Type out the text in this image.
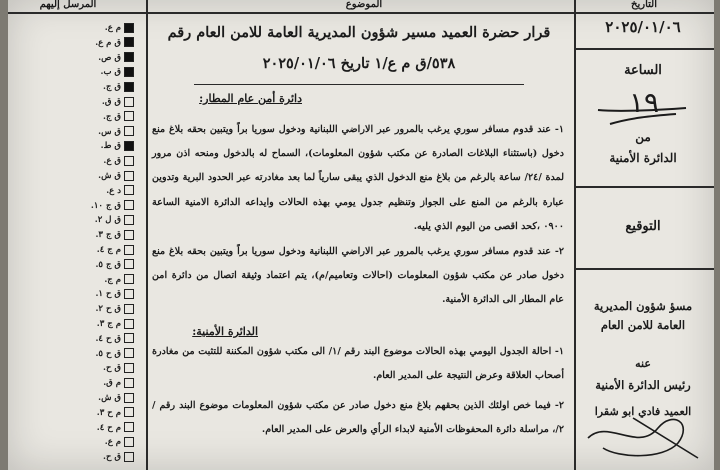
التاريخ
الموضوع
المرسل إليهم
٢٠٢٥/٠١/٠٦
الساعة
١٩
من
الدائرة الأمنية
التوقيع
مسؤ شؤون المديرية العامة للامن العام
عنه
رئيس الدائرة الأمنية
العميد فادي ابو شقرا
قرار حضرة العميد مسير شؤون المديرية العامة للامن العام رقم
٥٣٨/ق م ع/١ تاريخ ٢٠٢٥/٠١/٠٦
دائرة أمن عام المطار:
١- عند قدوم مسافر سوري يرغب بالمرور عبر الاراضي اللبنانية ودخول سوريا براً ويتبين بحقه بلاغ منع دخول (باستثناء البلاغات الصادرة عن مكتب شؤون المعلومات)، السماح له بالدخول ومنحه اذن مرور لمدة /٢٤/ ساعة بالرغم من بلاغ منع الدخول الذي يبقى سارياً لما بعد مغادرته عبر الحدود البرية وتدوين عبارة بالرغم من المنع على الجواز وتنظيم جدول يومي بهذه الحالات وايداعه الدائرة الامنية الساعة ٠٩٠٠ ،كحد اقصى من اليوم الذي يليه.
٢- عند قدوم مسافر سوري يرغب بالمرور عبر الاراضي اللبنانية ودخول سوريا براً ويتبين بحقه بلاغ منع دخول صادر عن مكتب شؤون المعلومات (احالات وتعاميم/م)، يتم اعتماد وثيقة اتصال من دائرة امن عام المطار الى الدائرة الأمنية.
الدائرة الأمنية:
١- احالة الجدول اليومي بهذه الحالات موضوع البند رقم /١/ الى مكتب شؤون المكننة للتثبت من مغادرة أصحاب العلاقة وعرض النتيجة على المدير العام.
٢- فيما خص اولئك الذين بحقهم بلاغ منع دخول صادر عن مكتب شؤون المعلومات موضوع البند رقم /٢/، مراسلة دائرة المحفوظات الأمنية لابداء الرأي والعرض على المدير العام.
م ع.
ق م ع.
ق ص.
ق ب.
ق ج.
ق ق.
ق ج.
ق س.
ق ط.
ق ع.
ق ش.
د ع.
ق ج ١٠.
ق ل ٢.
ق ج ٣.
م ج ٤.
ق ج ٥.
م ج.
ق ح ١.
ق ح ٢.
م ج ٣.
ق ح ٤.
ق ح ٥.
ق ح.
م ق.
ق ش.
م ح ٣.
م ح ٤.
م ع.
ق ح.
